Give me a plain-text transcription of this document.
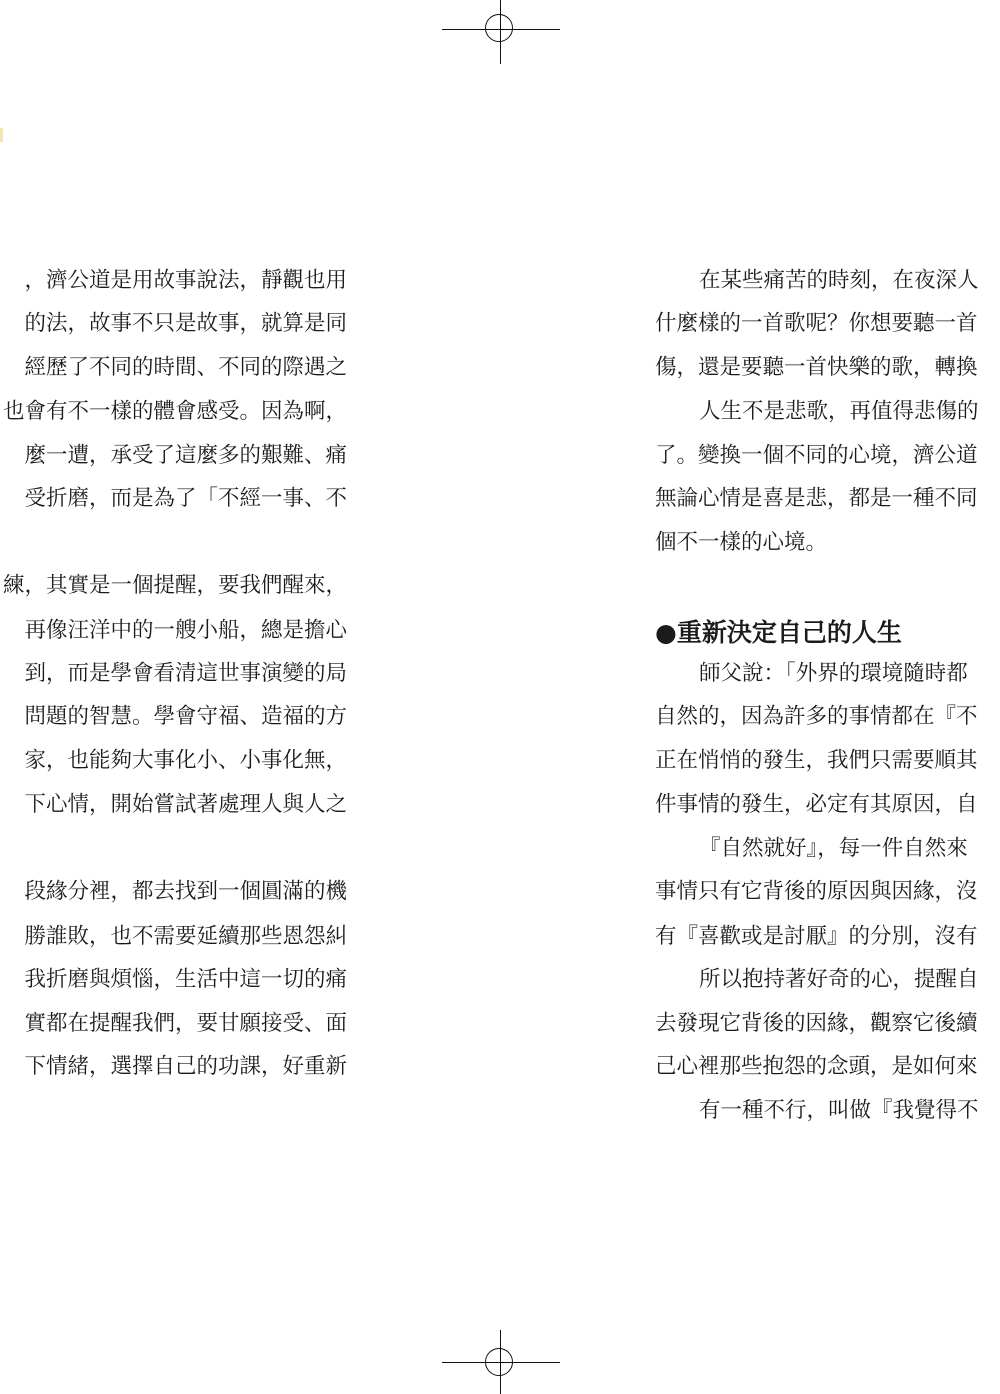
，濟公道是用故事說法，靜觀也用
的法，故事不只是故事，就算是同
經歷了不同的時間、不同的際遇之
也會有不一樣的體會感受。因為啊，
麼一遭，承受了這麼多的艱難、痛
受折磨，而是為了「不經一事、不
練，其實是一個提醒，要我們醒來，
再像汪洋中的一艘小船，總是擔心
到，而是學會看清這世事演變的局
問題的智慧。學會守福、造福的方
家，也能夠大事化小、小事化無，
下心情，開始嘗試著處理人與人之
段緣分裡，都去找到一個圓滿的機
勝誰敗，也不需要延續那些恩怨糾
我折磨與煩惱，生活中這一切的痛
實都在提醒我們，要甘願接受、面
下情緒，選擇自己的功課，好重新
在某些痛苦的時刻，在夜深人
什麼樣的一首歌呢？你想要聽一首
傷，還是要聽一首快樂的歌，轉換
人生不是悲歌，再值得悲傷的
了。變換一個不同的心境，濟公道
無論心情是喜是悲，都是一種不同
個不一樣的心境。
●重新決定自己的人生
師父說：「外界的環境隨時都
自然的，因為許多的事情都在『不
正在悄悄的發生，我們只需要順其
件事情的發生，必定有其原因，自
『自然就好』，每一件自然來
事情只有它背後的原因與因緣，沒
有『喜歡或是討厭』的分別，沒有
所以抱持著好奇的心，提醒自
去發現它背後的因緣，觀察它後續
己心裡那些抱怨的念頭，是如何來
有一種不行，叫做『我覺得不
